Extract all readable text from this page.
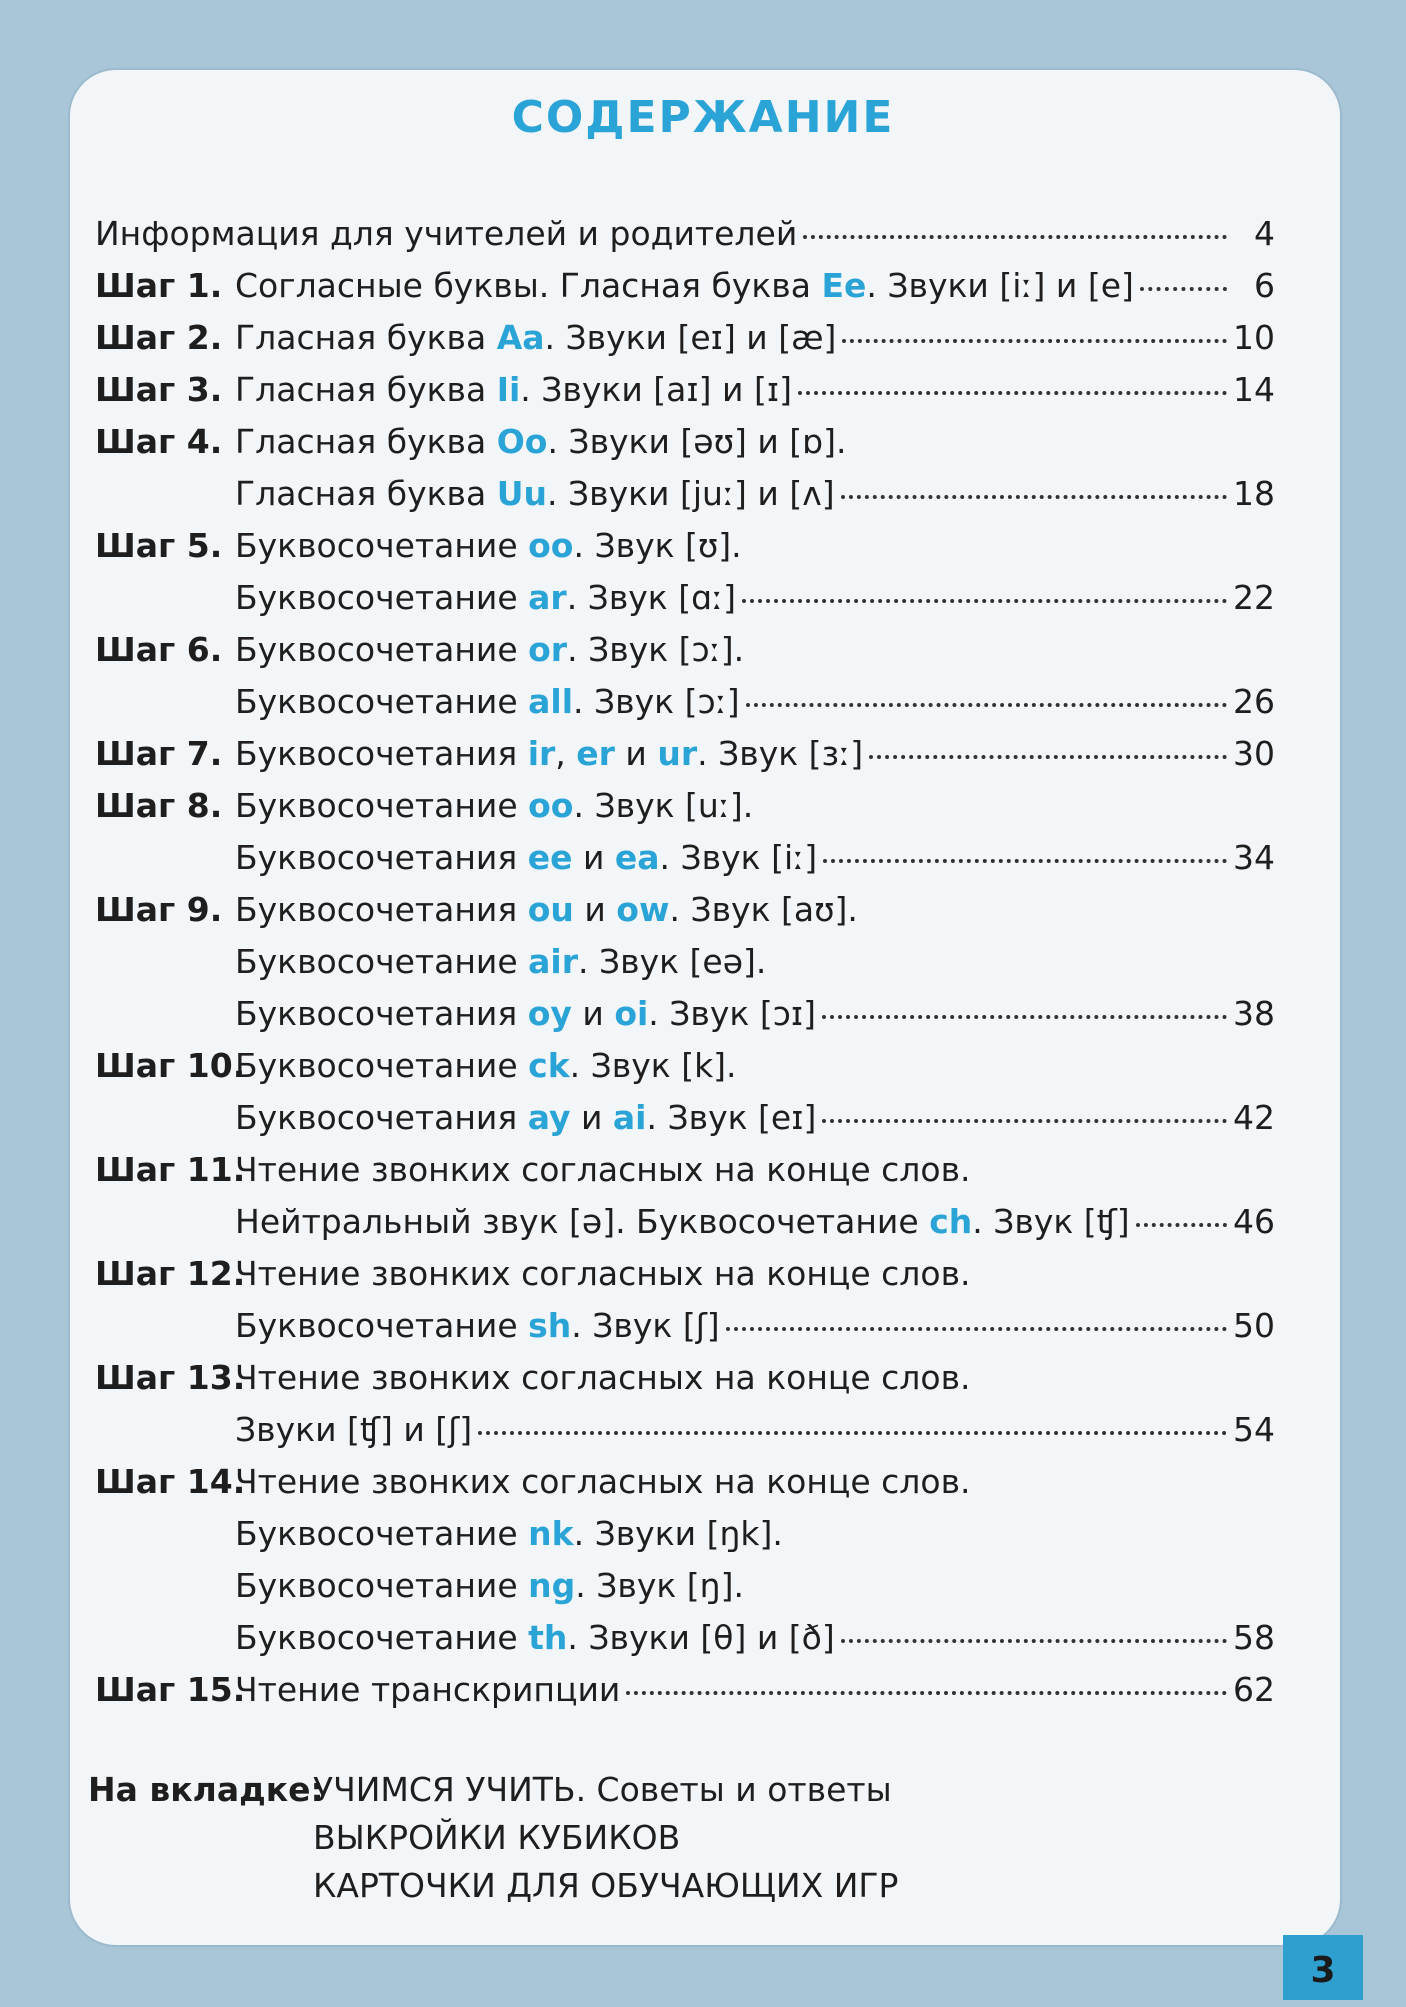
СОДЕРЖАНИЕ
Информация для учителей и родителей	4
Шаг 1. Согласные буквы. Гласная буква Ee . Звуки [iː] и [e]	6
Шаг 2. Гласная буква Aa . Звуки [eɪ] и [æ]	10
Шаг 3. Гласная буква Ii . Звуки [aɪ] и [ɪ]	14
Шаг 4. Гласная буква Oo . Звуки [əʊ] и [ɒ].
Гласная буква Uu . Звуки [juː] и [ʌ]	18
Шаг 5. Буквосочетание oo . Звук [ʊ].
Буквосочетание ar . Звук [ɑː]	22
Шаг 6. Буквосочетание or . Звук [ɔː].
Буквосочетание all . Звук [ɔː]	26
Шаг 7. Буквосочетания ir , er и ur . Звук [ɜː]	30
Шаг 8. Буквосочетание oo . Звук [uː].
Буквосочетания ee и ea . Звук [iː]	34
Шаг 9. Буквосочетания ou и ow . Звук [aʊ].
Буквосочетание air . Звук [eə].
Буквосочетания oy и oi . Звук [ɔɪ]	38
Шаг 10.
Буквосочетание ck . Звук [k].
Буквосочетания ay и ai . Звук [eɪ]	42
Шаг 11.
Чтение звонких согласных на конце слов.
Нейтральный звук [ə]. Буквосочетание ch . Звук [ʧ]	46
Шаг 12.
Чтение звонких согласных на конце слов.
Буквосочетание sh . Звук [ʃ]	50
Шаг 13.
Чтение звонких согласных на конце слов.
Звуки [ʧ] и [ʃ]	54
Шаг 14.
Чтение звонких согласных на конце слов.
Буквосочетание nk . Звуки [ŋk].
Буквосочетание ng . Звук [ŋ].
Буквосочетание th . Звуки [θ] и [ð]	58
Шаг 15.
Чтение транскрипции	62
На вкладке:
УЧИМСЯ УЧИТЬ. Советы и ответы
ВЫКРОЙКИ КУБИКОВ
КАРТОЧКИ ДЛЯ ОБУЧАЮЩИХ ИГР
3
